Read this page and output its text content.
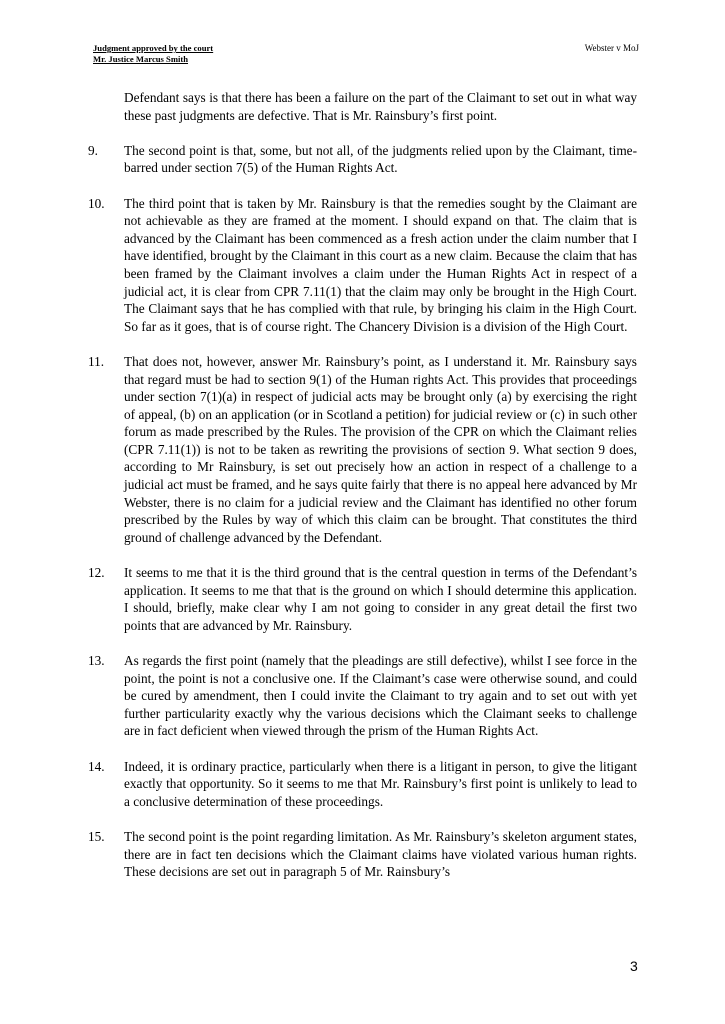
Judgment approved by the court
Mr. Justice Marcus Smith
Webster v MoJ
Defendant says is that there has been a failure on the part of the Claimant to set out in what way these past judgments are defective. That is Mr. Rainsbury’s first point.
9. The second point is that, some, but not all, of the judgments relied upon by the Claimant, time-barred under section 7(5) of the Human Rights Act.
10. The third point that is taken by Mr. Rainsbury is that the remedies sought by the Claimant are not achievable as they are framed at the moment. I should expand on that. The claim that is advanced by the Claimant has been commenced as a fresh action under the claim number that I have identified, brought by the Claimant in this court as a new claim. Because the claim that has been framed by the Claimant involves a claim under the Human Rights Act in respect of a judicial act, it is clear from CPR 7.11(1) that the claim may only be brought in the High Court. The Claimant says that he has complied with that rule, by bringing his claim in the High Court. So far as it goes, that is of course right. The Chancery Division is a division of the High Court.
11. That does not, however, answer Mr. Rainsbury’s point, as I understand it. Mr. Rainsbury says that regard must be had to section 9(1) of the Human rights Act. This provides that proceedings under section 7(1)(a) in respect of judicial acts may be brought only (a) by exercising the right of appeal, (b) on an application (or in Scotland a petition) for judicial review or (c) in such other forum as made prescribed by the Rules. The provision of the CPR on which the Claimant relies (CPR 7.11(1)) is not to be taken as rewriting the provisions of section 9. What section 9 does, according to Mr Rainsbury, is set out precisely how an action in respect of a challenge to a judicial act must be framed, and he says quite fairly that there is no appeal here advanced by Mr Webster, there is no claim for a judicial review and the Claimant has identified no other forum prescribed by the Rules by way of which this claim can be brought. That constitutes the third ground of challenge advanced by the Defendant.
12. It seems to me that it is the third ground that is the central question in terms of the Defendant’s application. It seems to me that that is the ground on which I should determine this application. I should, briefly, make clear why I am not going to consider in any great detail the first two points that are advanced by Mr. Rainsbury.
13. As regards the first point (namely that the pleadings are still defective), whilst I see force in the point, the point is not a conclusive one. If the Claimant’s case were otherwise sound, and could be cured by amendment, then I could invite the Claimant to try again and to set out with yet further particularity exactly why the various decisions which the Claimant seeks to challenge are in fact deficient when viewed through the prism of the Human Rights Act.
14. Indeed, it is ordinary practice, particularly when there is a litigant in person, to give the litigant exactly that opportunity. So it seems to me that Mr. Rainsbury’s first point is unlikely to lead to a conclusive determination of these proceedings.
15. The second point is the point regarding limitation. As Mr. Rainsbury’s skeleton argument states, there are in fact ten decisions which the Claimant claims have violated various human rights. These decisions are set out in paragraph 5 of Mr. Rainsbury’s
3
